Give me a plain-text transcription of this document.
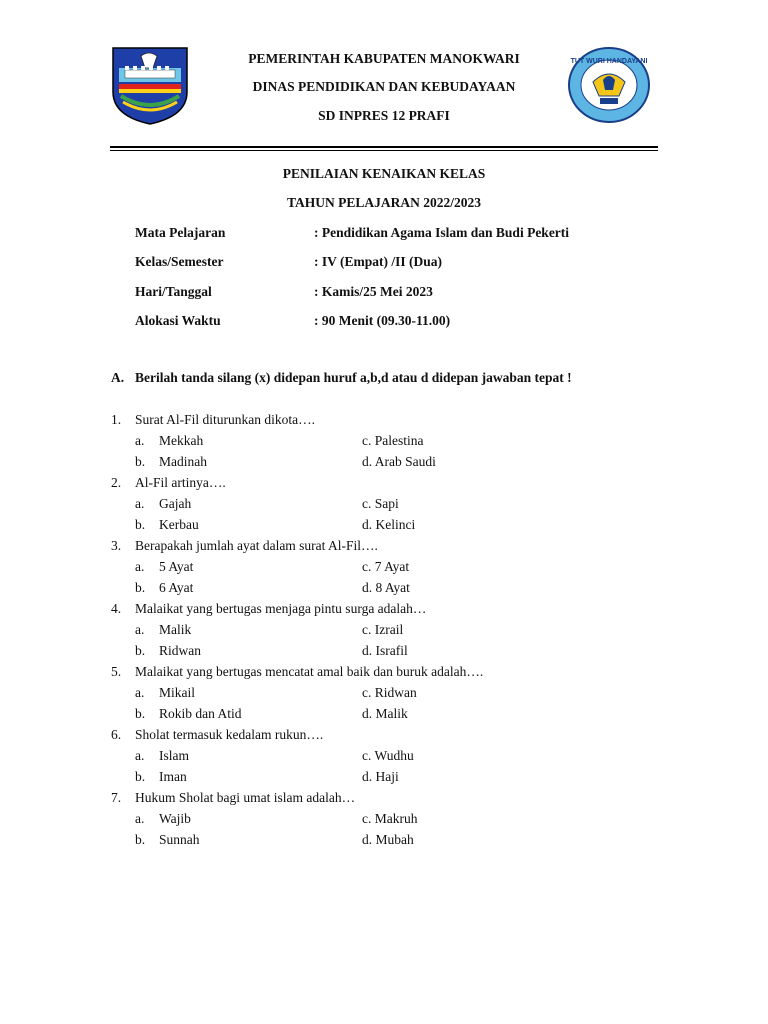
TUT WURI HANDAYANI
PEMERINTAH KABUPATEN MANOKWARI
DINAS PENDIDIKAN DAN KEBUDAYAAN
SD INPRES 12 PRAFI
PENILAIAN KENAIKAN KELAS
TAHUN PELAJARAN 2022/2023
Mata Pelajaran	: Pendidikan Agama Islam dan Budi Pekerti
Kelas/Semester	: IV (Empat) /II (Dua)
Hari/Tanggal	: Kamis/25 Mei 2023
Alokasi Waktu	: 90 Menit (09.30-11.00)
A. Berilah tanda silang (x) didepan huruf a,b,d atau d didepan jawaban tepat !
1. Surat Al-Fil diturunkan dikota….
a. Mekkah	c. Palestina
b. Madinah	d. Arab Saudi
2. Al-Fil artinya….
a. Gajah	c. Sapi
b. Kerbau	d. Kelinci
3. Berapakah jumlah ayat dalam surat Al-Fil….
a. 5 Ayat	c. 7 Ayat
b. 6 Ayat	d. 8 Ayat
4. Malaikat yang bertugas menjaga pintu surga adalah…
a. Malik	c. Izrail
b. Ridwan	d. Israfil
5. Malaikat yang bertugas mencatat amal baik dan buruk adalah….
a. Mikail	c. Ridwan
b. Rokib dan Atid	d. Malik
6. Sholat termasuk kedalam rukun….
a. Islam	c. Wudhu
b. Iman	d. Haji
7. Hukum Sholat bagi umat islam adalah…
a. Wajib	c. Makruh
b. Sunnah	d. Mubah
